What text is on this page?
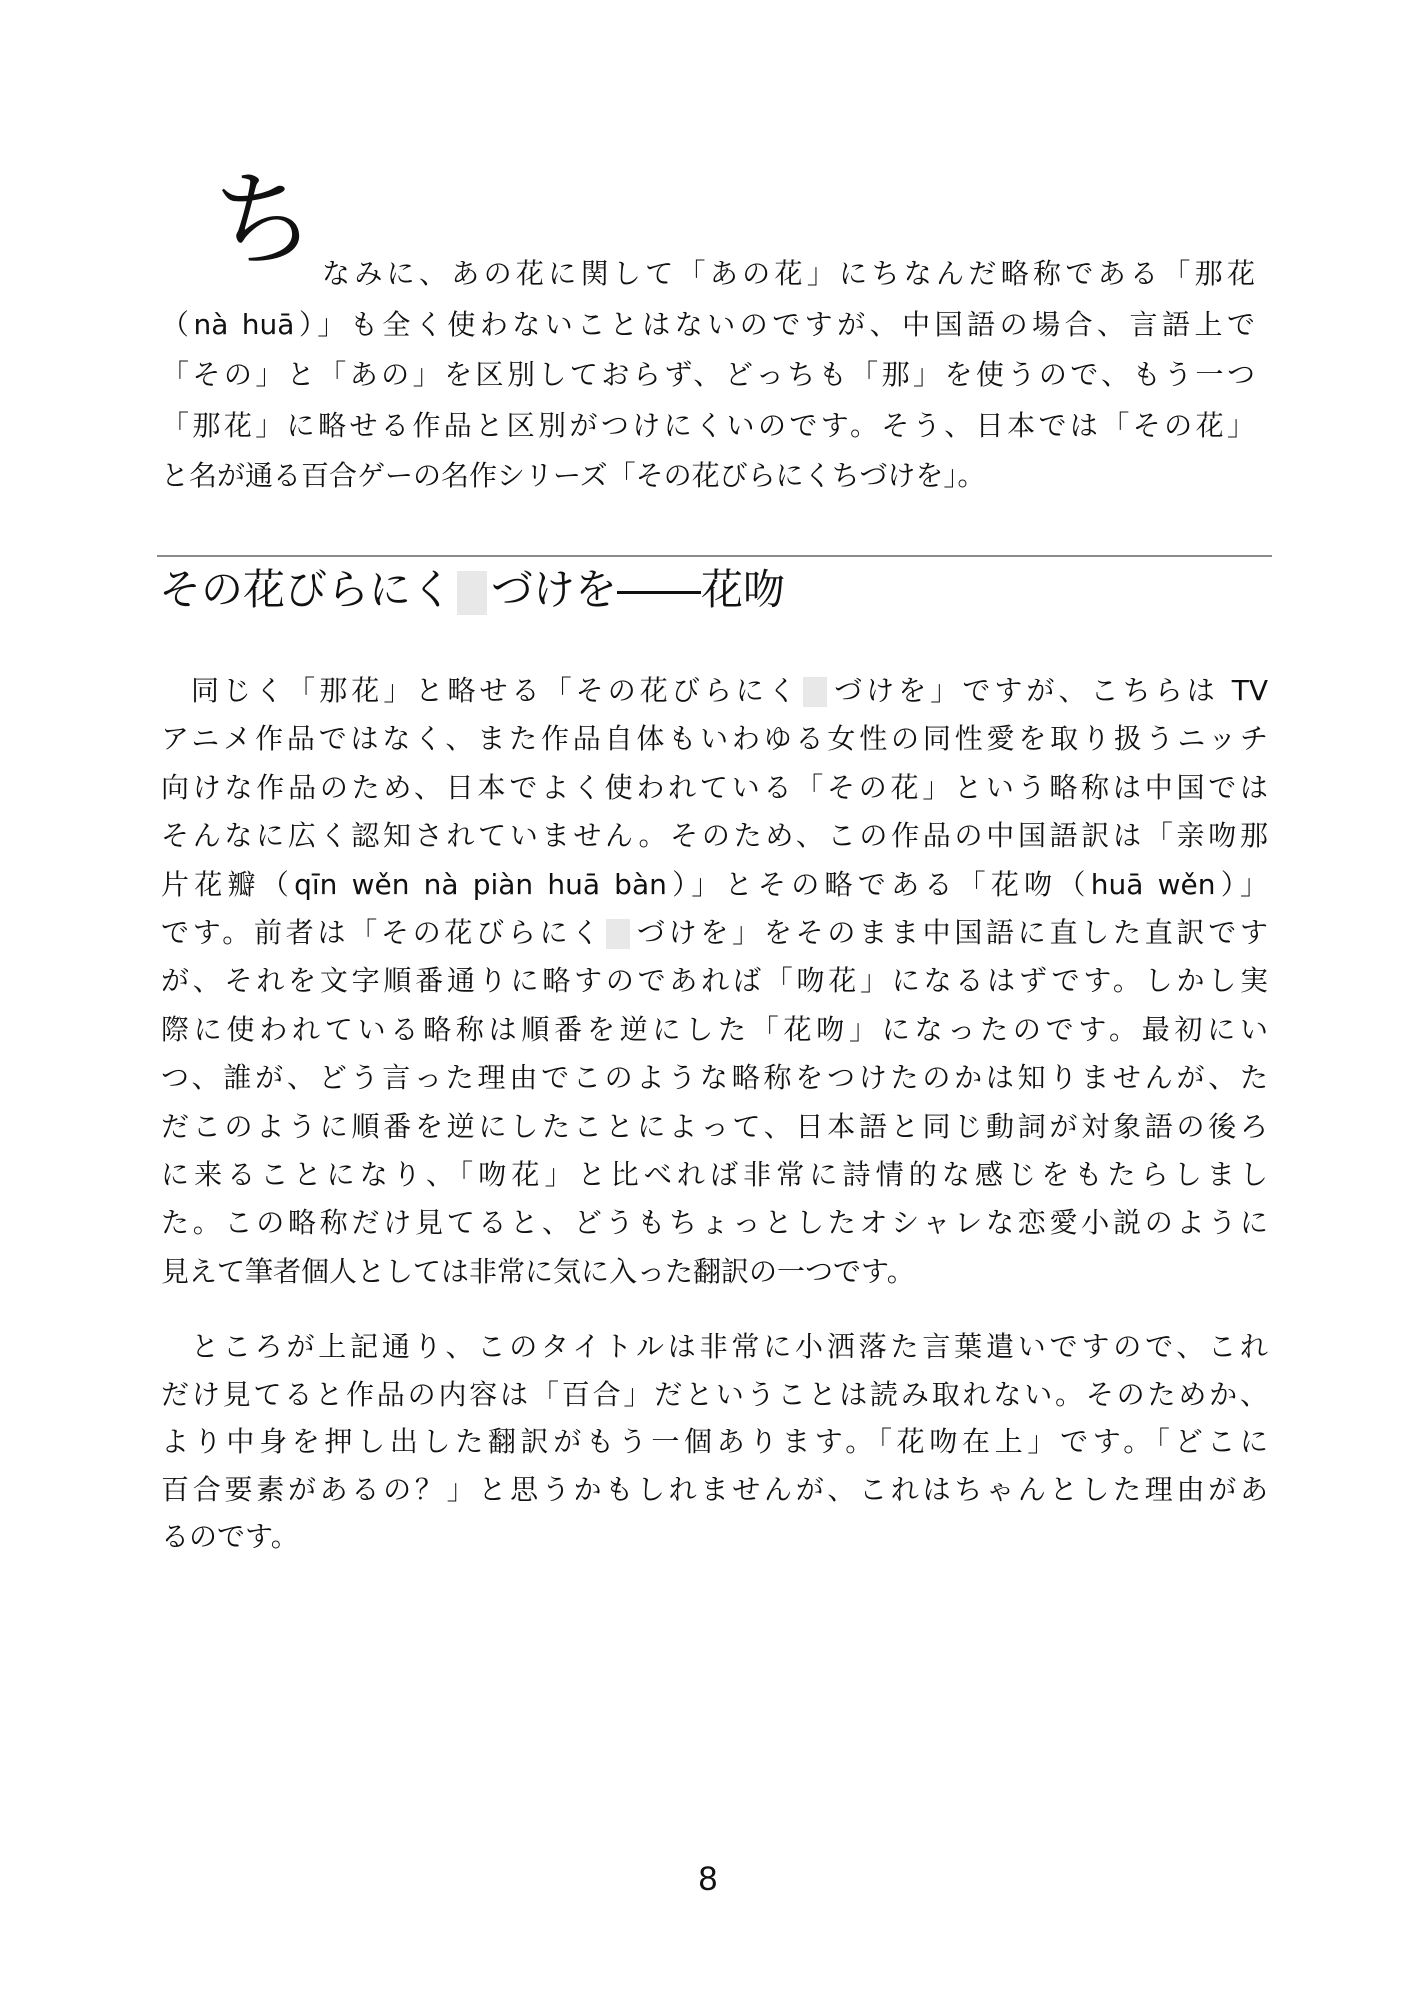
ち なみに、あの花に関して「あの花」にちなんだ略称である「那花
（nà huā）」も全く使わないことはないのですが、中国語の場合、言語上で
「その」と「あの」を区別しておらず、どっちも「那」を使うので、もう一つ
「那花」に略せる作品と区別がつけにくいのです。そう、日本では「その花」
と名が通る百合ゲーの名作シリーズ「その花びらにくちづけを」。
その花びらにく づけを――花吻
同じく「那花」と略せる「その花びらにく づけを」ですが、こちらは TV
アニメ作品ではなく、また作品自体もいわゆる女性の同性愛を取り扱うニッチ
向けな作品のため、日本でよく使われている「その花」という略称は中国では
そんなに広く認知されていません。そのため、この作品の中国語訳は「亲吻那
片花瓣（qīn wěn nà piàn huā bàn）」とその略である「花吻（huā wěn）」
です。前者は「その花びらにく づけを」をそのまま中国語に直した直訳です
が、それを文字順番通りに略すのであれば「吻花」になるはずです。しかし実
際に使われている略称は順番を逆にした「花吻」になったのです。最初にい
つ、誰が、どう言った理由でこのような略称をつけたのかは知りませんが、た
だこのように順番を逆にしたことによって、日本語と同じ動詞が対象語の後ろ
に来ることになり、「吻花」と比べれば非常に詩情的な感じをもたらしまし
た。この略称だけ見てると、どうもちょっとしたオシャレな恋愛小説のように
見えて筆者個人としては非常に気に入った翻訳の一つです。
ところが上記通り、このタイトルは非常に小洒落た言葉遣いですので、これ
だけ見てると作品の内容は「百合」だということは読み取れない。そのためか、
より中身を押し出した翻訳がもう一個あります。「花吻在上」です。「どこに
百合要素があるの？」と思うかもしれませんが、これはちゃんとした理由があ
るのです。
8
